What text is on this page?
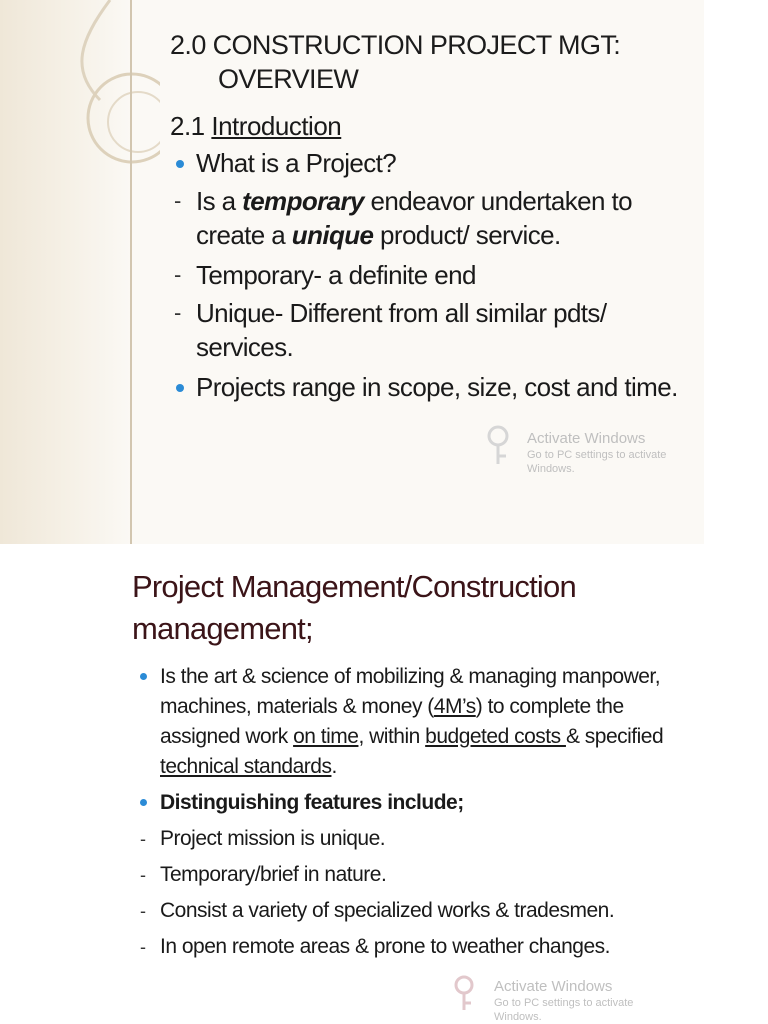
2.0 CONSTRUCTION PROJECT MGT:
OVERVIEW
2.1 Introduction
What is a Project?
- Is a temporary endeavor undertaken to create a unique product/ service.
- Temporary- a definite end
- Unique- Different from all similar pdts/ services.
Projects range in scope, size, cost and time.
Activate Windows
Go to PC settings to activate
Windows.
Project Management/Construction
management;
Is the art & science of mobilizing & managing manpower, machines, materials & money (4M’s) to complete the assigned work on time, within budgeted costs & specified technical standards.
Distinguishing features include;
- Project mission is unique.
- Temporary/brief in nature.
- Consist a variety of specialized works & tradesmen.
- In open remote areas & prone to weather changes.
Activate Windows
Go to PC settings to activate
Windows.
